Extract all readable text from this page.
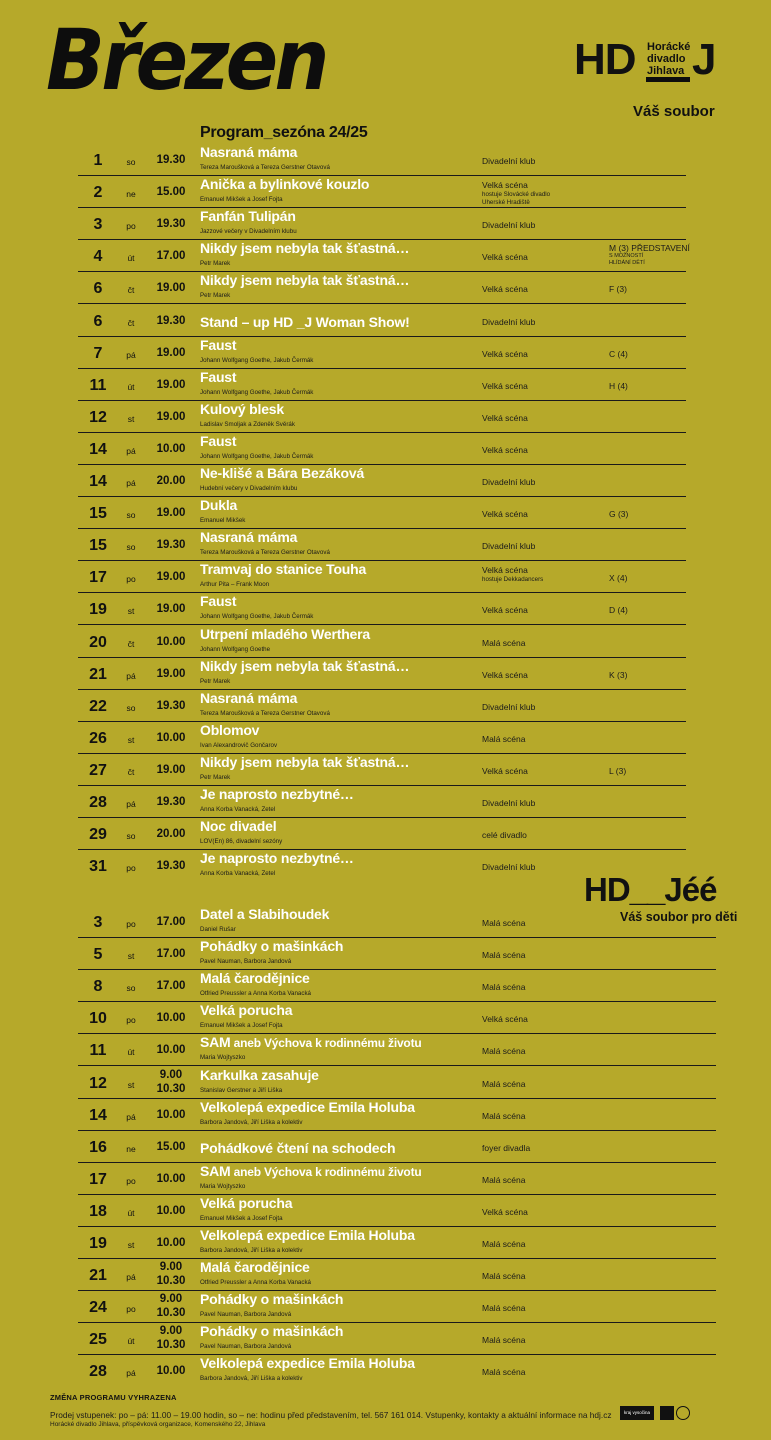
Březen
Program_sezóna 24/25
HD Horácké
divadlo
Jihlava J
Váš soubor
1	so	19.30	Nasraná máma
Tereza Maroušková a Tereza Gerstner Otavová
Divadelní klub
2	ne	15.00	Anička a bylinkové kouzlo
Emanuel Mikšek a Josef Fojta
Velká scéna
hostuje Slovácké divadlo
Uherské Hradiště
3	po	19.30	Fanfán Tulipán
Jazzové večery v Divadelním klubu
Divadelní klub
4	út	17.00	Nikdy jsem nebyla tak šťastná…
Petr Marek
Velká scéna
M (3) PŘEDSTAVENÍ
S MOŽNOSTÍ
HLÍDÁNÍ DĚTÍ
6	čt	19.00	Nikdy jsem nebyla tak šťastná…
Petr Marek
Velká scéna	F (3)
6	čt	19.30	Stand – up HD _J Woman Show!	Divadelní klub
7	pá	19.00	Faust
Johann Wolfgang Goethe, Jakub Čermák
Velká scéna	C (4)
11	út	19.00	Faust
Johann Wolfgang Goethe, Jakub Čermák
Velká scéna	H (4)
12	st	19.00	Kulový blesk
Ladislav Smoljak a Zdeněk Svěrák
Velká scéna
14	pá	10.00	Faust
Johann Wolfgang Goethe, Jakub Čermák
Velká scéna
14	pá	20.00	Ne-klišé a Bára Bezáková
Hudební večery v Divadelním klubu
Divadelní klub
15	so	19.00	Dukla
Emanuel Mikšek
Velká scéna	G (3)
15	so	19.30	Nasraná máma
Tereza Maroušková a Tereza Gerstner Otavová
Divadelní klub
17	po	19.00	Tramvaj do stanice Touha
Arthur Pita – Frank Moon
Velká scéna
hostuje Dekkadancers	X (4)
19	st	19.00	Faust
Johann Wolfgang Goethe, Jakub Čermák
Velká scéna	D (4)
20	čt	10.00	Utrpení mladého Werthera
Johann Wolfgang Goethe
Malá scéna
21	pá	19.00	Nikdy jsem nebyla tak šťastná…
Petr Marek
Velká scéna	K (3)
22	so	19.30	Nasraná máma
Tereza Maroušková a Tereza Gerstner Otavová
Divadelní klub
26	st	10.00	Oblomov
Ivan Alexandrovič Gončarov
Malá scéna
27	čt	19.00	Nikdy jsem nebyla tak šťastná…
Petr Marek
Velká scéna	L (3)
28	pá	19.30	Je naprosto nezbytné…
Anna Korba Vanacká, Zetel
Divadelní klub
29	so	20.00	Noc divadel
LOV(En) 86, divadelní sezóny
celé divadlo
31	po	19.30	Je naprosto nezbytné…
Anna Korba Vanacká, Zetel
Divadelní klub
HD__Jéé
Váš soubor pro děti
3	po	17.00	Datel a Slabihoudek
Daniel Rušar
Malá scéna
5	st	17.00	Pohádky o mašinkách
Pavel Nauman, Barbora Jandová
Malá scéna
8	so	17.00	Malá čarodějnice
Otfried Preussler a Anna Korba Vanacká
Malá scéna
10	po	10.00	Velká porucha
Emanuel Mikšek a Josef Fojta
Velká scéna
11	út	10.00	SAM aneb Výchova k rodinnému životu
Maria Wojtyszko
Malá scéna
12	st
9.00
10.30
Karkulka zasahuje
Stanislav Gerstner a Jiří Liška
Malá scéna
14	pá	10.00	Velkolepá expedice Emila Holuba
Barbora Jandová, Jiří Liška a kolektiv
Malá scéna
16	ne	15.00	Pohádkové čtení na schodech	foyer divadla
17	po	10.00	SAM aneb Výchova k rodinnému životu
Maria Wojtyszko
Malá scéna
18	út	10.00	Velká porucha
Emanuel Mikšek a Josef Fojta
Velká scéna
19	st	10.00	Velkolepá expedice Emila Holuba
Barbora Jandová, Jiří Liška a kolektiv
Malá scéna
21	pá
9.00
10.30
Malá čarodějnice
Otfried Preussler a Anna Korba Vanacká
Malá scéna
24	po
9.00
10.30
Pohádky o mašinkách
Pavel Nauman, Barbora Jandová
Malá scéna
25	út
9.00
10.30
Pohádky o mašinkách
Pavel Nauman, Barbora Jandová
Malá scéna
28	pá	10.00	Velkolepá expedice Emila Holuba
Barbora Jandová, Jiří Liška a kolektiv
Malá scéna
ZMĚNA PROGRAMU VYHRAZENA
Prodej vstupenek: po – pá: 11.00 – 19.00 hodin, so – ne: hodinu před představením, tel. 567 161 014. Vstupenky, kontakty a aktuální informace na hdj.cz
Horácké divadlo Jihlava, příspěvková organizace, Komenského 22, Jihlava
kraj vysočina
